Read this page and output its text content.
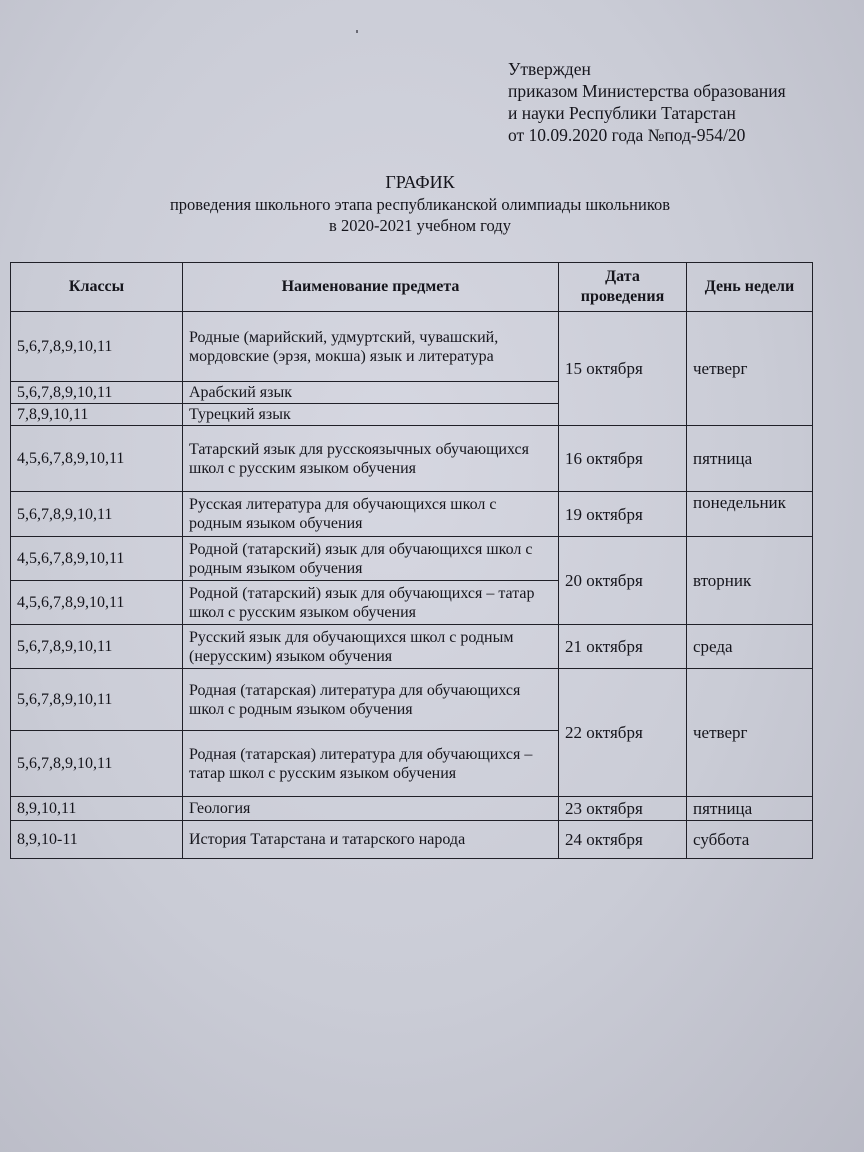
Утвержден
приказом Министерства образования
и науки Республики Татарстан
от 10.09.2020 года №под-954/20
ГРАФИК
проведения школьного этапа республиканской олимпиады школьников
в 2020-2021 учебном году
Классы	Наименование предмета	Дата проведения	День недели
5,6,7,8,9,10,11	Родные (марийский, удмуртский, чувашский, мордовские (эрзя, мокша) язык и литература	15 октября	четверг
5,6,7,8,9,10,11	Арабский язык		
7,8,9,10,11	Турецкий язык		
4,5,6,7,8,9,10,11	Татарский язык для русскоязычных обучающихся школ с русским языком обучения	16 октября	пятница
5,6,7,8,9,10,11	Русская литература для обучающихся школ с родным языком обучения	19 октября	понедельник
4,5,6,7,8,9,10,11	Родной (татарский) язык для обучающихся школ с родным языком обучения	20 октября	вторник
4,5,6,7,8,9,10,11	Родной (татарский) язык для обучающихся – татар школ с русским языком обучения		
5,6,7,8,9,10,11	Русский язык для обучающихся школ с родным (нерусским) языком обучения	21 октября	среда
5,6,7,8,9,10,11	Родная (татарская) литература для обучающихся школ с родным языком обучения	22 октября	четверг
5,6,7,8,9,10,11	Родная (татарская) литература для обучающихся – татар школ с русским языком обучения		
8,9,10,11	Геология	23 октября	пятница
8,9,10-11	История Татарстана и татарского народа	24 октября	суббота
